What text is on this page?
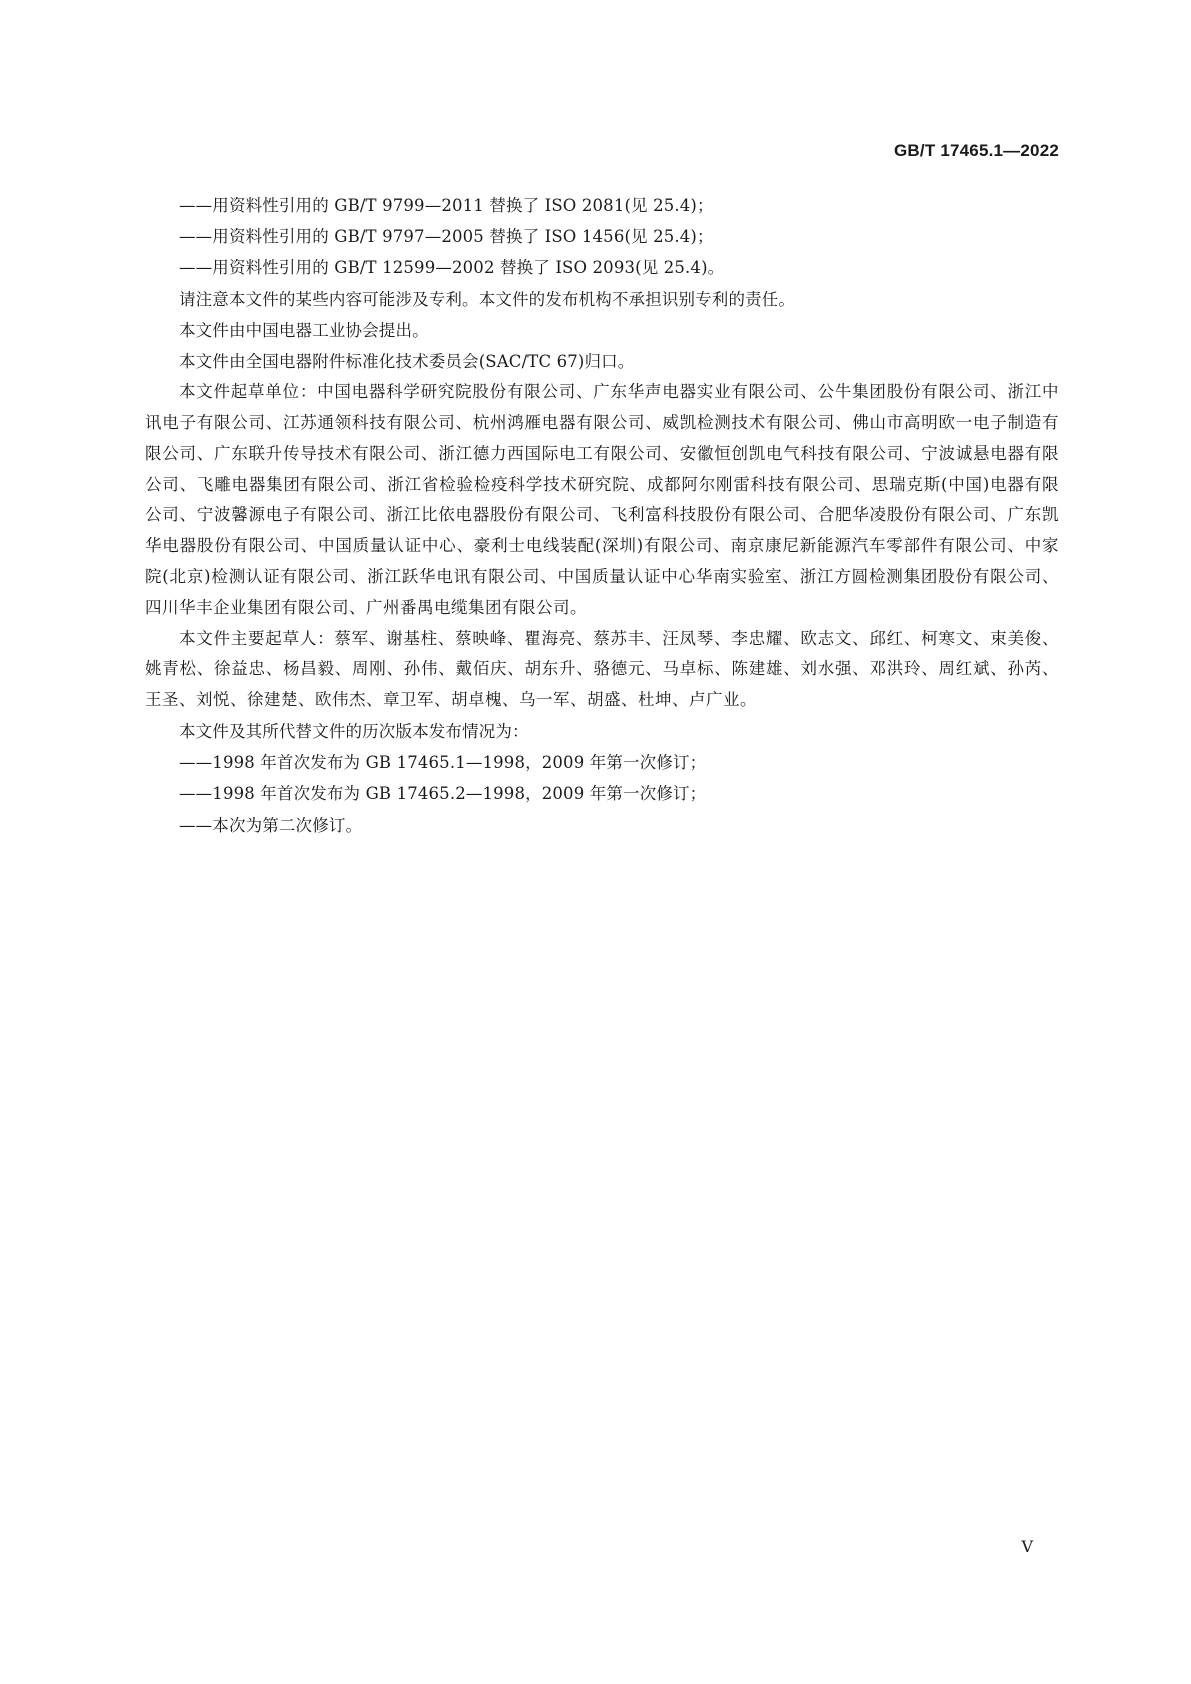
GB/T 17465.1—2022
——用资料性引用的 GB/T 9799—2011 替换了 ISO 2081(见 25.4)；
——用资料性引用的 GB/T 9797—2005 替换了 ISO 1456(见 25.4)；
——用资料性引用的 GB/T 12599—2002 替换了 ISO 2093(见 25.4)。
请注意本文件的某些内容可能涉及专利。本文件的发布机构不承担识别专利的责任。
本文件由中国电器工业协会提出。
本文件由全国电器附件标准化技术委员会(SAC/TC 67)归口。
本文件起草单位：中国电器科学研究院股份有限公司、广东华声电器实业有限公司、公牛集团股份有限公司、浙江中讯电子有限公司、江苏通领科技有限公司、杭州鸿雁电器有限公司、威凯检测技术有限公司、佛山市高明欧一电子制造有限公司、广东联升传导技术有限公司、浙江德力西国际电工有限公司、安徽恒创凯电气科技有限公司、宁波诚悬电器有限公司、飞雕电器集团有限公司、浙江省检验检疫科学技术研究院、成都阿尔刚雷科技有限公司、思瑞克斯(中国)电器有限公司、宁波馨源电子有限公司、浙江比依电器股份有限公司、飞利富科技股份有限公司、合肥华凌股份有限公司、广东凯华电器股份有限公司、中国质量认证中心、豪利士电线装配(深圳)有限公司、南京康尼新能源汽车零部件有限公司、中家院(北京)检测认证有限公司、浙江跃华电讯有限公司、中国质量认证中心华南实验室、浙江方圆检测集团股份有限公司、四川华丰企业集团有限公司、广州番禺电缆集团有限公司。
本文件主要起草人：蔡军、谢基柱、蔡映峰、瞿海亮、蔡苏丰、汪凤琴、李忠耀、欧志文、邱红、柯寒文、束美俊、姚青松、徐益忠、杨昌毅、周刚、孙伟、戴佰庆、胡东升、骆德元、马卓标、陈建雄、刘水强、邓洪玲、周红斌、孙芮、王圣、刘悦、徐建楚、欧伟杰、章卫军、胡卓槐、乌一军、胡盛、杜坤、卢广业。
本文件及其所代替文件的历次版本发布情况为：
——1998 年首次发布为 GB 17465.1—1998，2009 年第一次修订；
——1998 年首次发布为 GB 17465.2—1998，2009 年第一次修订；
——本次为第二次修订。
V
